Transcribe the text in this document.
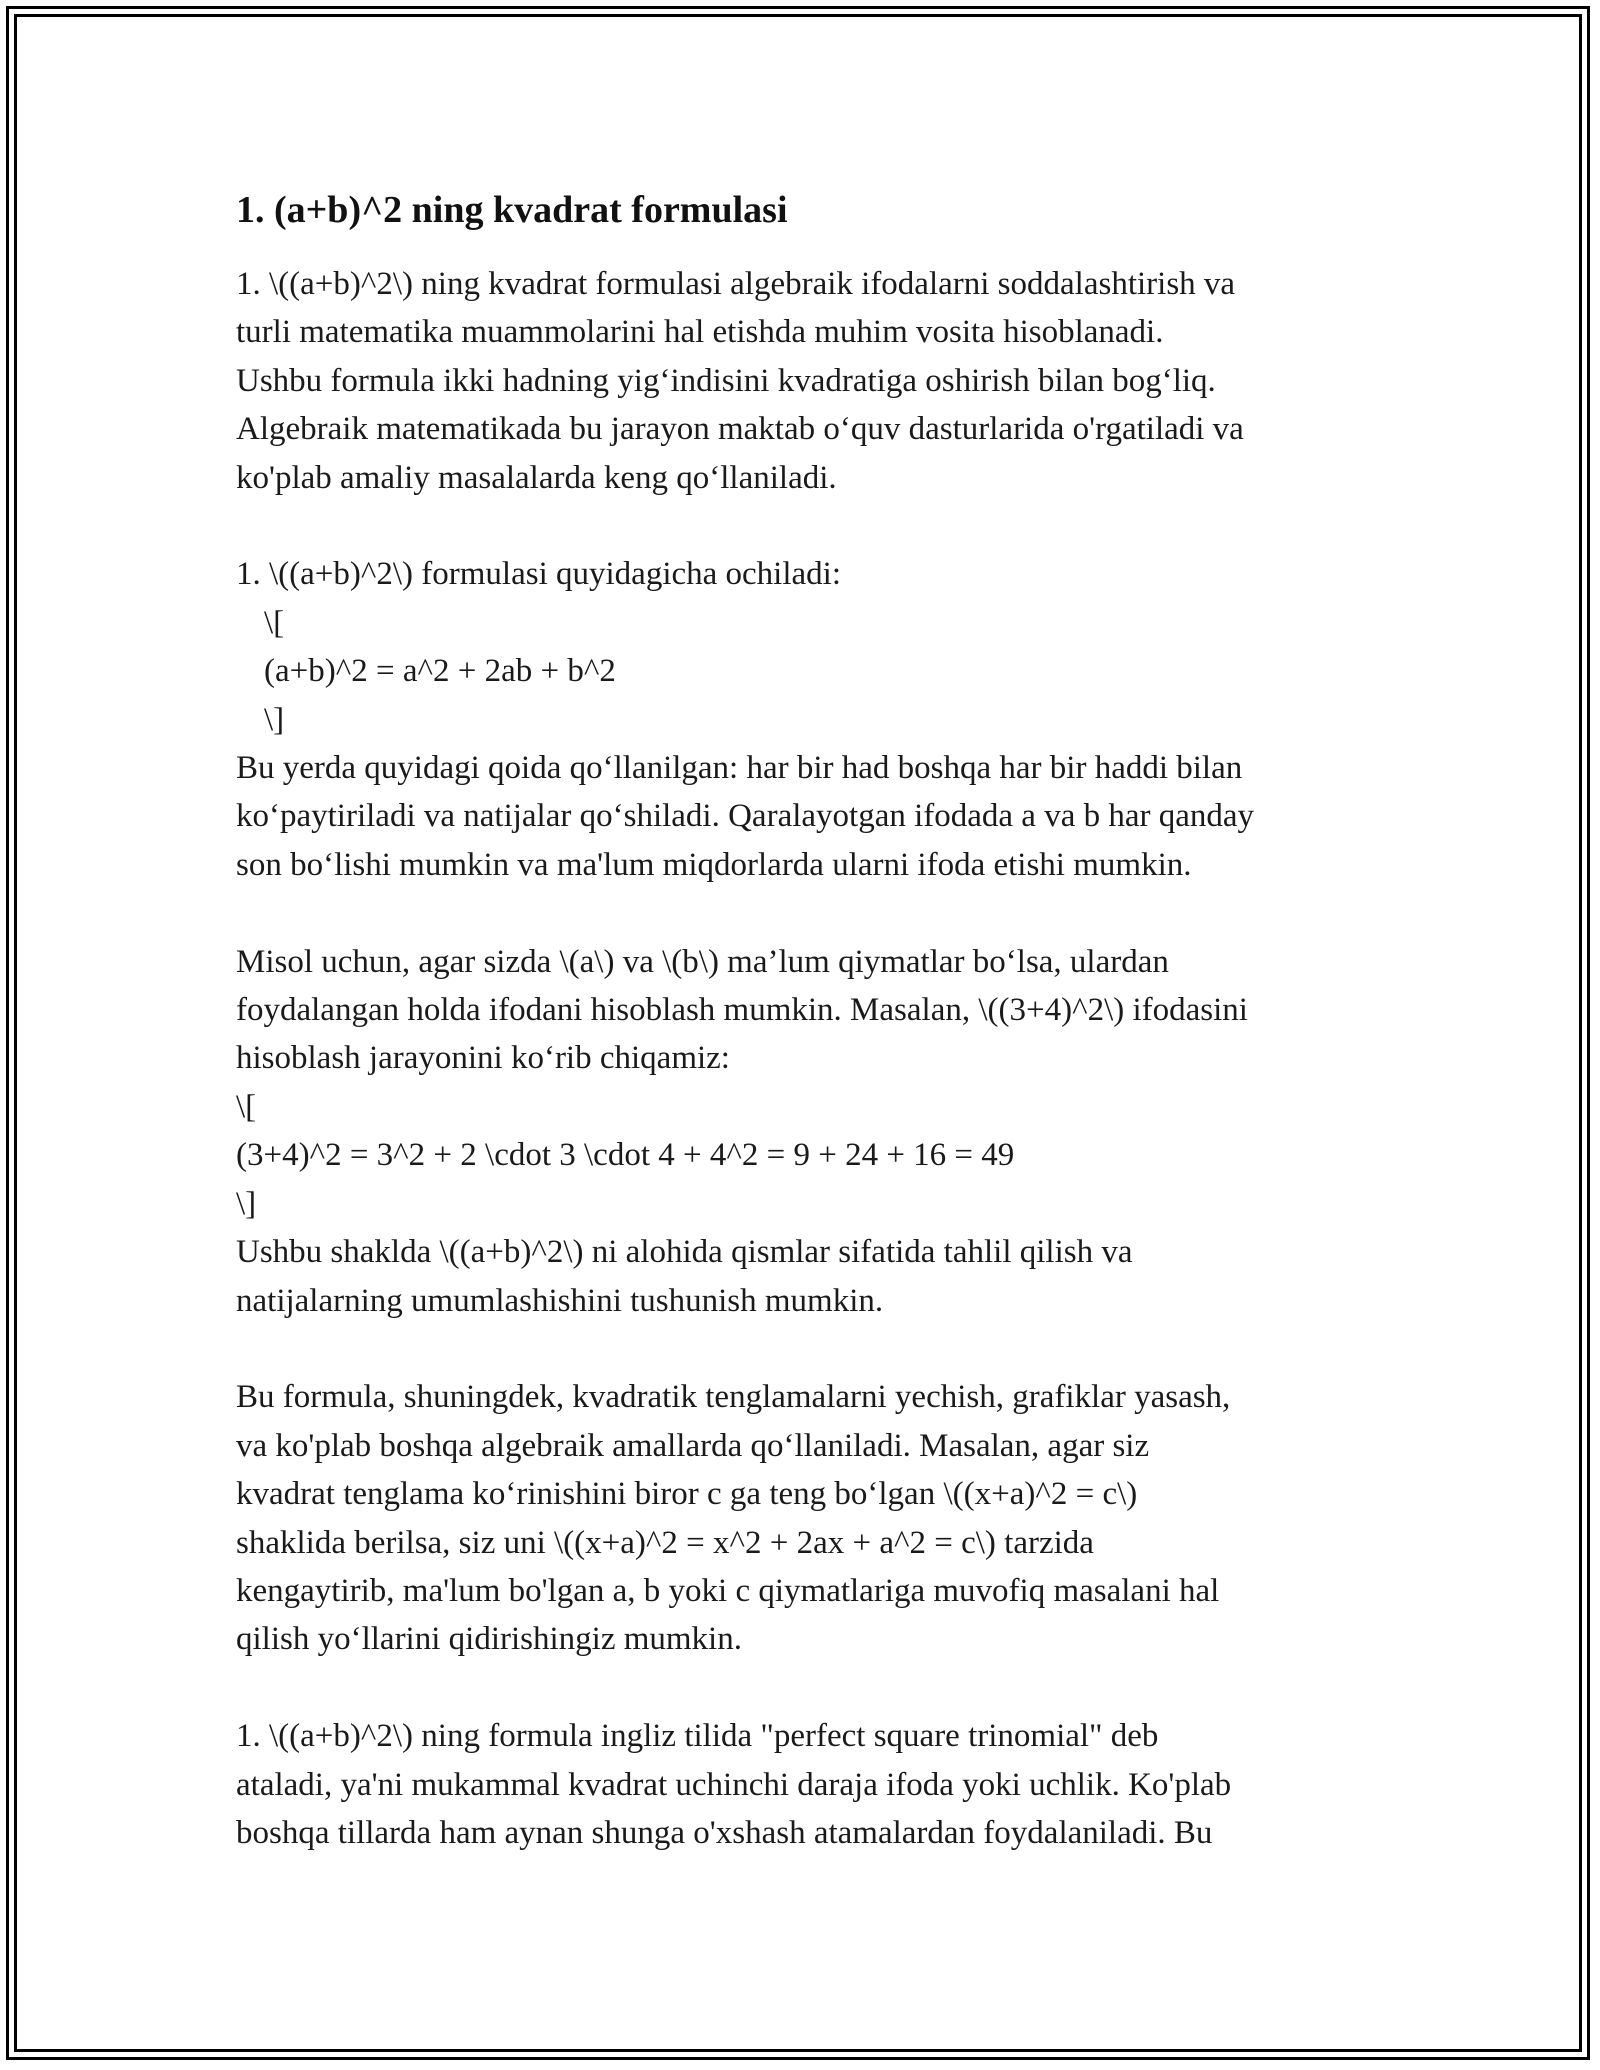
1. (a+b)^2 ning kvadrat formulasi

1. \((a+b)^2\) ning kvadrat formulasi algebraik ifodalarni soddalashtirish va
turli matematika muammolarini hal etishda muhim vosita hisoblanadi.
Ushbu formula ikki hadning yig‘indisini kvadratiga oshirish bilan bog‘liq.
Algebraik matematikada bu jarayon maktab o‘quv dasturlarida o'rgatiladi va
ko'plab amaliy masalalarda keng qo‘llaniladi.

1. \((a+b)^2\) formulasi quyidagicha ochiladi:
\[
(a+b)^2 = a^2 + 2ab + b^2
\]
Bu yerda quyidagi qoida qo‘llanilgan: har bir had boshqa har bir haddi bilan
ko‘paytiriladi va natijalar qo‘shiladi. Qaralayotgan ifodada a va b har qanday
son bo‘lishi mumkin va ma'lum miqdorlarda ularni ifoda etishi mumkin.

Misol uchun, agar sizda \(a\) va \(b\) ma’lum qiymatlar bo‘lsa, ulardan
foydalangan holda ifodani hisoblash mumkin. Masalan, \((3+4)^2\) ifodasini
hisoblash jarayonini ko‘rib chiqamiz:
\[
(3+4)^2 = 3^2 + 2 \cdot 3 \cdot 4 + 4^2 = 9 + 24 + 16 = 49
\]
Ushbu shaklda \((a+b)^2\) ni alohida qismlar sifatida tahlil qilish va
natijalarning umumlashishini tushunish mumkin.

Bu formula, shuningdek, kvadratik tenglamalarni yechish, grafiklar yasash,
va ko'plab boshqa algebraik amallarda qo‘llaniladi. Masalan, agar siz
kvadrat tenglama ko‘rinishini biror c ga teng bo‘lgan \((x+a)^2 = c\)
shaklida berilsa, siz uni \((x+a)^2 = x^2 + 2ax + a^2 = c\) tarzida
kengaytirib, ma'lum bo'lgan a, b yoki c qiymatlariga muvofiq masalani hal
qilish yo‘llarini qidirishingiz mumkin.

1. \((a+b)^2\) ning formula ingliz tilida "perfect square trinomial" deb
ataladi, ya'ni mukammal kvadrat uchinchi daraja ifoda yoki uchlik. Ko'plab
boshqa tillarda ham aynan shunga o'xshash atamalardan foydalaniladi. Bu
